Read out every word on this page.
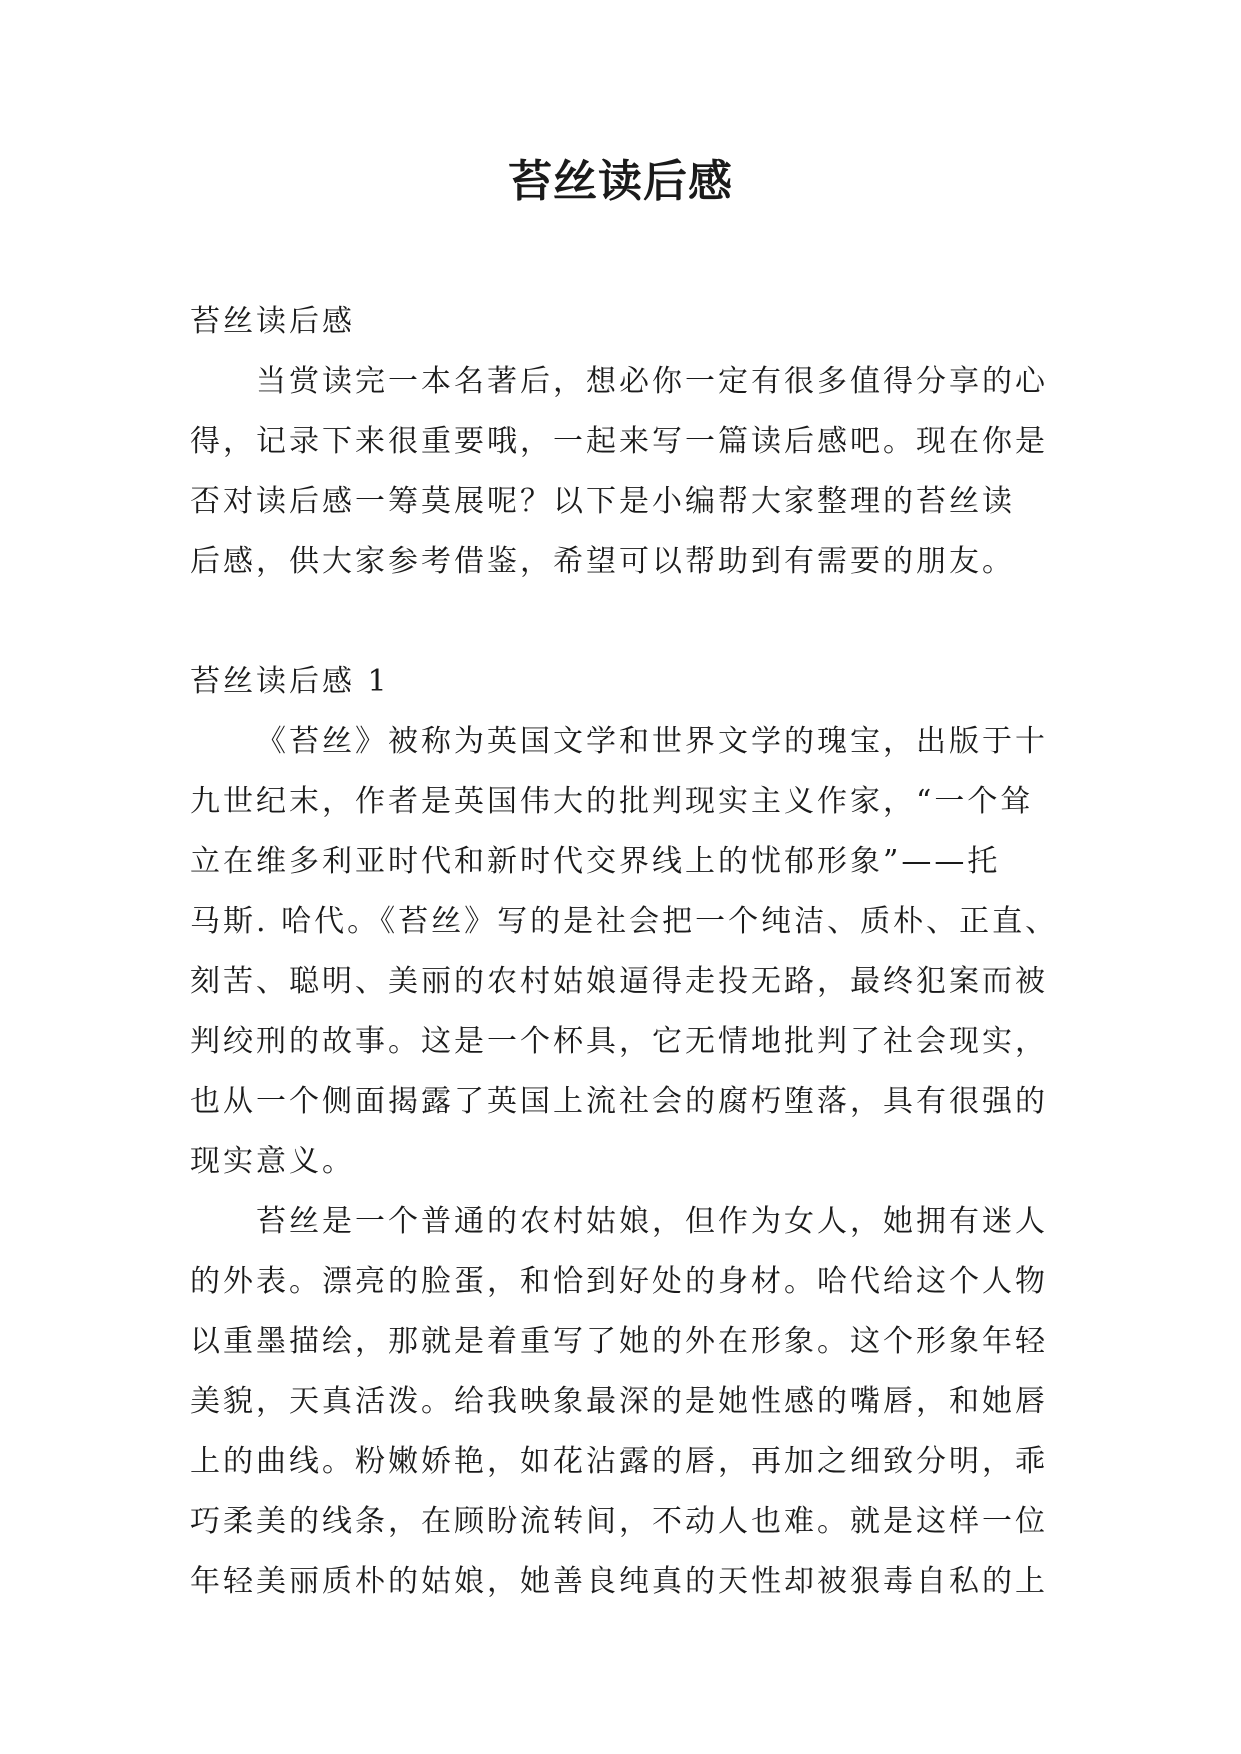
苔丝读后感
苔丝读后感
当赏读完一本名著后，想必你一定有很多值得分享的心
得，记录下来很重要哦，一起来写一篇读后感吧。现在你是
否对读后感一筹莫展呢？以下是小编帮大家整理的苔丝读
后感，供大家参考借鉴，希望可以帮助到有需要的朋友。
苔丝读后感 1
《苔丝》被称为英国文学和世界文学的瑰宝，出版于十
九世纪末，作者是英国伟大的批判现实主义作家，“一个耸
立在维多利亚时代和新时代交界线上的忧郁形象”——托
马斯. 哈代。《苔丝》写的是社会把一个纯洁、质朴、正直、
刻苦、聪明、美丽的农村姑娘逼得走投无路，最终犯案而被
判绞刑的故事。这是一个杯具，它无情地批判了社会现实，
也从一个侧面揭露了英国上流社会的腐朽堕落，具有很强的
现实意义。
苔丝是一个普通的农村姑娘，但作为女人，她拥有迷人
的外表。漂亮的脸蛋，和恰到好处的身材。哈代给这个人物
以重墨描绘，那就是着重写了她的外在形象。这个形象年轻
美貌，天真活泼。给我映象最深的是她性感的嘴唇，和她唇
上的曲线。粉嫩娇艳，如花沾露的唇，再加之细致分明，乖
巧柔美的线条，在顾盼流转间，不动人也难。就是这样一位
年轻美丽质朴的姑娘，她善良纯真的天性却被狠毒自私的上
